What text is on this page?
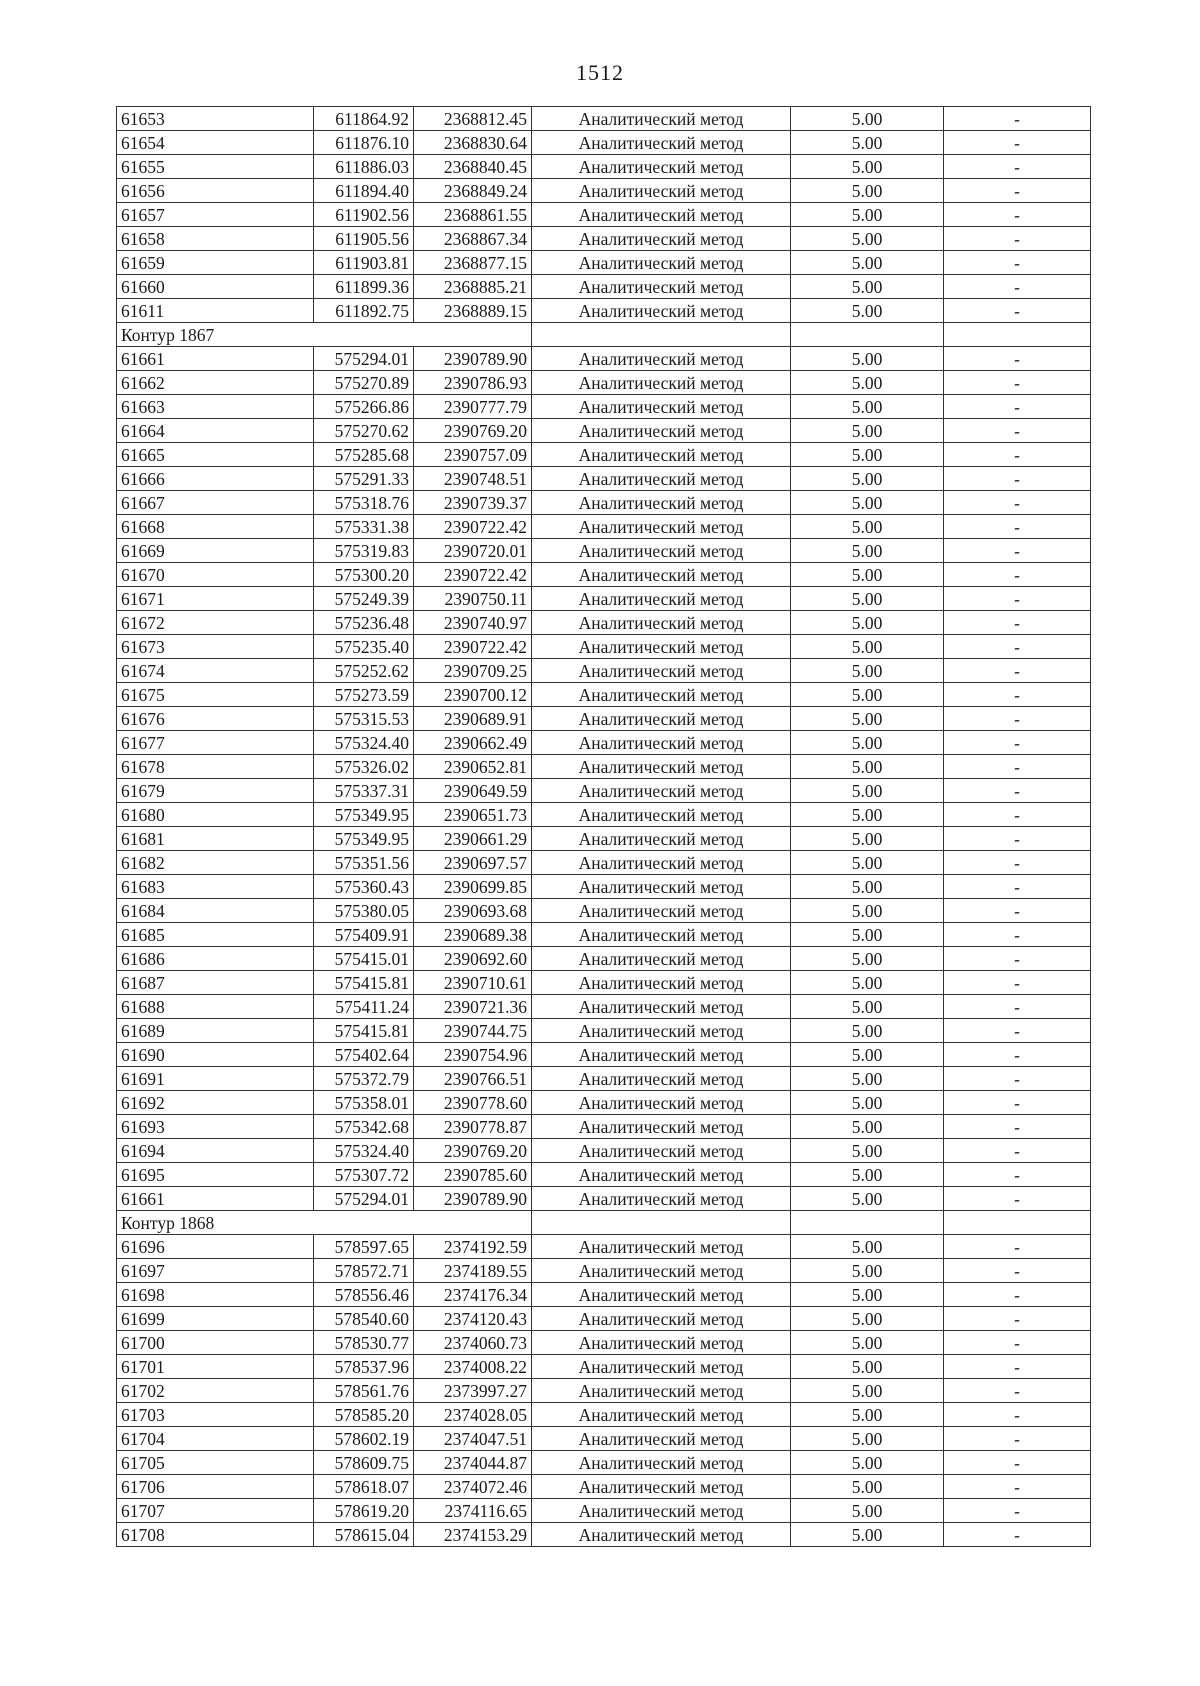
1512
61653	611864.92	2368812.45	Аналитический метод	5.00	-
61654	611876.10	2368830.64	Аналитический метод	5.00	-
61655	611886.03	2368840.45	Аналитический метод	5.00	-
61656	611894.40	2368849.24	Аналитический метод	5.00	-
61657	611902.56	2368861.55	Аналитический метод	5.00	-
61658	611905.56	2368867.34	Аналитический метод	5.00	-
61659	611903.81	2368877.15	Аналитический метод	5.00	-
61660	611899.36	2368885.21	Аналитический метод	5.00	-
61611	611892.75	2368889.15	Аналитический метод	5.00	-
Контур 1867					
61661	575294.01	2390789.90	Аналитический метод	5.00	-
61662	575270.89	2390786.93	Аналитический метод	5.00	-
61663	575266.86	2390777.79	Аналитический метод	5.00	-
61664	575270.62	2390769.20	Аналитический метод	5.00	-
61665	575285.68	2390757.09	Аналитический метод	5.00	-
61666	575291.33	2390748.51	Аналитический метод	5.00	-
61667	575318.76	2390739.37	Аналитический метод	5.00	-
61668	575331.38	2390722.42	Аналитический метод	5.00	-
61669	575319.83	2390720.01	Аналитический метод	5.00	-
61670	575300.20	2390722.42	Аналитический метод	5.00	-
61671	575249.39	2390750.11	Аналитический метод	5.00	-
61672	575236.48	2390740.97	Аналитический метод	5.00	-
61673	575235.40	2390722.42	Аналитический метод	5.00	-
61674	575252.62	2390709.25	Аналитический метод	5.00	-
61675	575273.59	2390700.12	Аналитический метод	5.00	-
61676	575315.53	2390689.91	Аналитический метод	5.00	-
61677	575324.40	2390662.49	Аналитический метод	5.00	-
61678	575326.02	2390652.81	Аналитический метод	5.00	-
61679	575337.31	2390649.59	Аналитический метод	5.00	-
61680	575349.95	2390651.73	Аналитический метод	5.00	-
61681	575349.95	2390661.29	Аналитический метод	5.00	-
61682	575351.56	2390697.57	Аналитический метод	5.00	-
61683	575360.43	2390699.85	Аналитический метод	5.00	-
61684	575380.05	2390693.68	Аналитический метод	5.00	-
61685	575409.91	2390689.38	Аналитический метод	5.00	-
61686	575415.01	2390692.60	Аналитический метод	5.00	-
61687	575415.81	2390710.61	Аналитический метод	5.00	-
61688	575411.24	2390721.36	Аналитический метод	5.00	-
61689	575415.81	2390744.75	Аналитический метод	5.00	-
61690	575402.64	2390754.96	Аналитический метод	5.00	-
61691	575372.79	2390766.51	Аналитический метод	5.00	-
61692	575358.01	2390778.60	Аналитический метод	5.00	-
61693	575342.68	2390778.87	Аналитический метод	5.00	-
61694	575324.40	2390769.20	Аналитический метод	5.00	-
61695	575307.72	2390785.60	Аналитический метод	5.00	-
61661	575294.01	2390789.90	Аналитический метод	5.00	-
Контур 1868					
61696	578597.65	2374192.59	Аналитический метод	5.00	-
61697	578572.71	2374189.55	Аналитический метод	5.00	-
61698	578556.46	2374176.34	Аналитический метод	5.00	-
61699	578540.60	2374120.43	Аналитический метод	5.00	-
61700	578530.77	2374060.73	Аналитический метод	5.00	-
61701	578537.96	2374008.22	Аналитический метод	5.00	-
61702	578561.76	2373997.27	Аналитический метод	5.00	-
61703	578585.20	2374028.05	Аналитический метод	5.00	-
61704	578602.19	2374047.51	Аналитический метод	5.00	-
61705	578609.75	2374044.87	Аналитический метод	5.00	-
61706	578618.07	2374072.46	Аналитический метод	5.00	-
61707	578619.20	2374116.65	Аналитический метод	5.00	-
61708	578615.04	2374153.29	Аналитический метод	5.00	-
